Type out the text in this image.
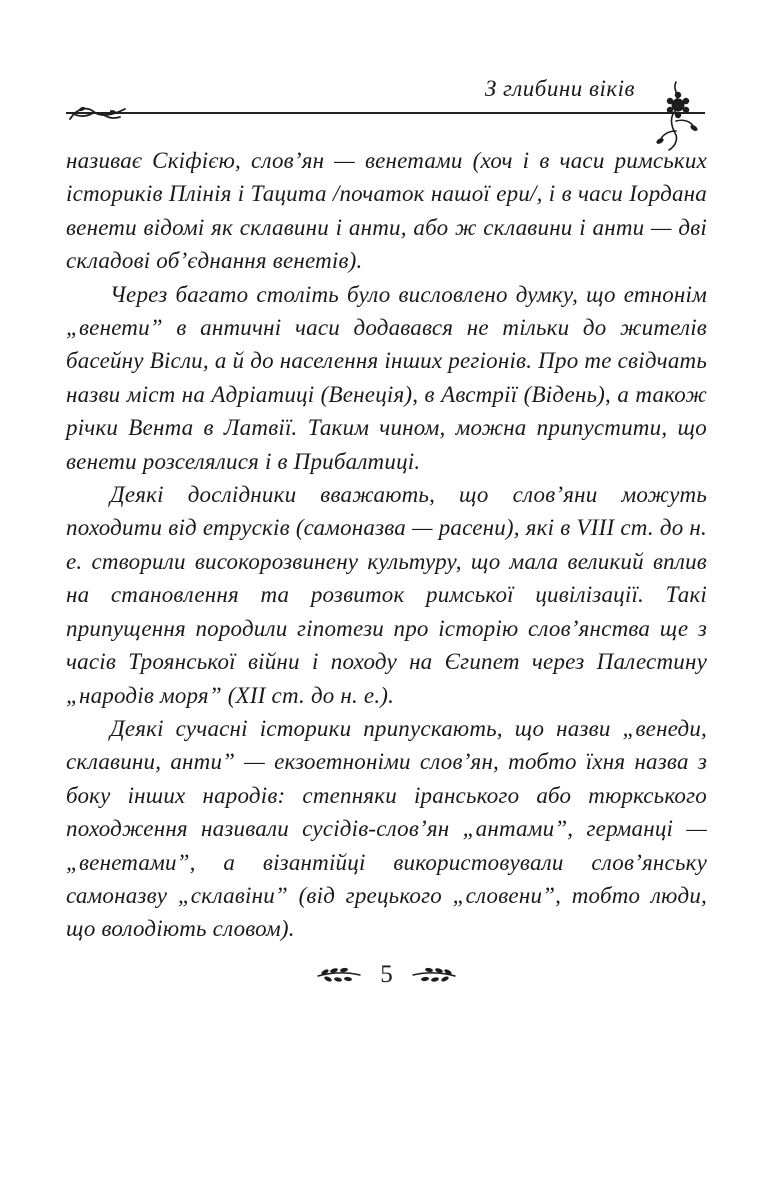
З глибини віків

називає Скіфією, слов’ян — венетами (хоч і в часи римських істориків Плінія і Тацита /початок нашої ери/, і в часи Іордана венети відомі як склавини і анти, або ж склавини і анти — дві складові об’єднання венетів).

Через багато століть було висловлено думку, що етнонім „венети” в античні часи додавався не тільки до жителів басейну Вісли, а й до населення інших регіонів. Про те свідчать назви міст на Адріатиці (Венеція), в Австрії (Відень), а також річки Вента в Латвії. Таким чином, можна припустити, що венети розселялися і в Прибалтиці.

Деякі дослідники вважають, що слов’яни можуть походити від етрусків (самоназва — расени), які в VIII ст. до н. е. створили високорозвинену культуру, що мала великий вплив на становлення та розвиток римської цивілізації. Такі припущення породили гіпотези про історію слов’янства ще з часів Троянської війни і походу на Єгипет через Палестину „народів моря” (XII ст. до н. е.).

Деякі сучасні історики припускають, що назви „венеди, склавини, анти” — екзоетноніми слов’ян, тобто їхня назва з боку інших народів: степняки іранського або тюркського походження називали сусідів-слов’ян „антами”, германці — „венетами”, а візантійці використовували слов’янську самоназву „склавіни” (від грецького „словени”, тобто люди, що володіють словом).

5
